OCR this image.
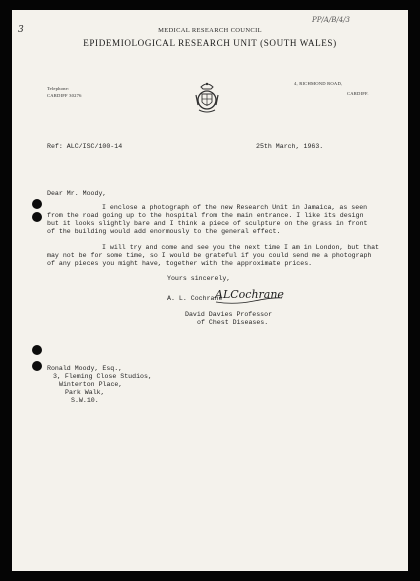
3
PP/A/B/4/3
MEDICAL RESEARCH COUNCIL
EPIDEMIOLOGICAL RESEARCH UNIT (SOUTH WALES)
Telephone:
CARDIFF 30276
4, RICHMOND ROAD,
CARDIFF.
Ref: ALC/ISC/100-14	25th March, 1963.
Dear Mr. Moody,
I enclose a photograph of the new Research Unit in Jamaica, as seen
from the road going up to the hospital from the main entrance. I like its design
but it looks slightly bare and I think a piece of sculpture on the grass in front
of the building would add enormously to the general effect.
I will try and come and see you the next time I am in London, but that
may not be for some time, so I would be grateful if you could send me a photograph
of any pieces you might have, together with the approximate prices.
Yours sincerely,
ALCochrane
A. L. Cochrane
David Davies Professor
of Chest Diseases.
Ronald Moody, Esq.,
3, Fleming Close Studios,
Winterton Place,
Park Walk,
S.W.10.
